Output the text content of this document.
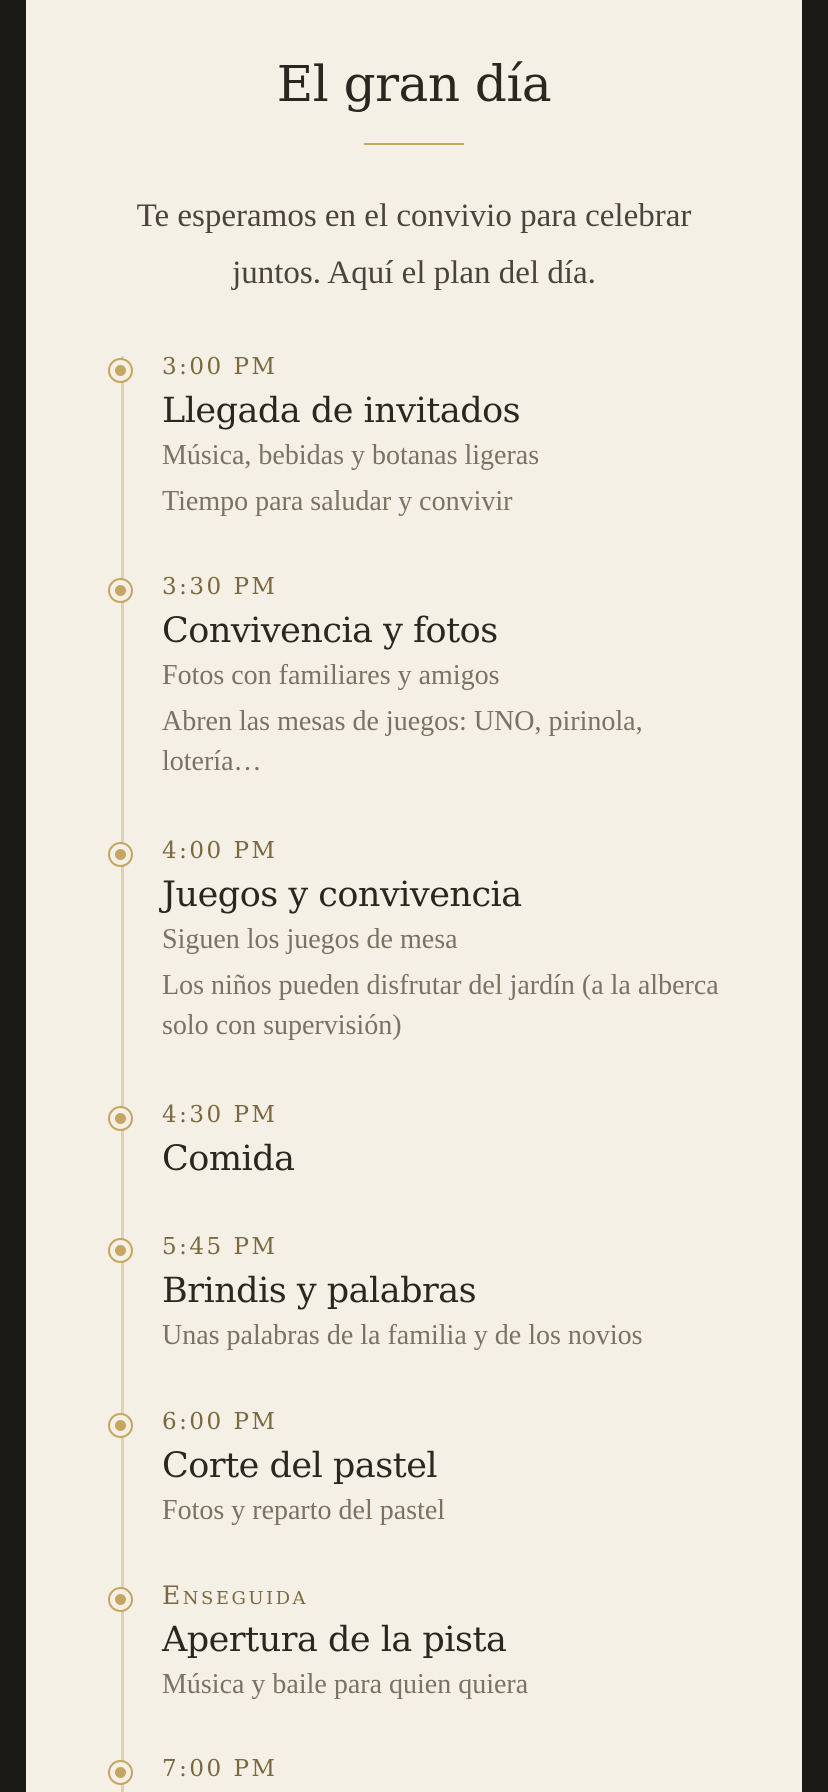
El gran día

Te esperamos en el convivio para celebrar juntos. Aquí el plan del día.

3:00 PM
Llegada de invitados
Música, bebidas y botanas ligeras
Tiempo para saludar y convivir
3:30 PM
Convivencia y fotos
Fotos con familiares y amigos
Abren las mesas de juegos: UNO, pirinola, lotería…
4:00 PM
Juegos y convivencia
Siguen los juegos de mesa
Los niños pueden disfrutar del jardín (a la alberca solo con supervisión)
4:30 PM
Comida
5:45 PM
Brindis y palabras
Unas palabras de la familia y de los novios
6:00 PM
Corte del pastel
Fotos y reparto del pastel
Enseguida
Apertura de la pista
Música y baile para quien quiera
7:00 PM
